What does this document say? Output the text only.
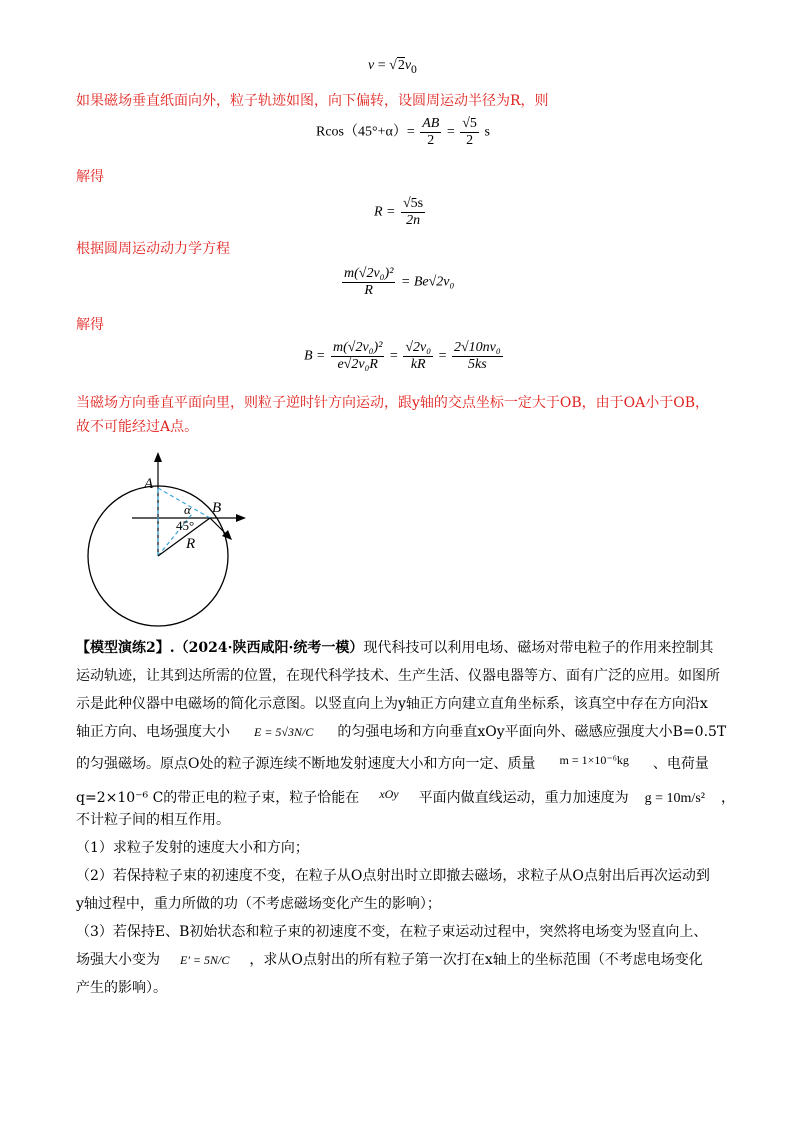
$v = √2v_0$
如果磁场垂直纸面向外，粒子轨迹如图，向下偏转，设圆周运动半径为R，则
$Rcos(45^\circ+\alpha)= \frac{AB}{2} = \frac{√5}{2}$ s
解得
$R = \frac{√5s}{2n}$
根据圆周运动动力学方程
$\frac{\text{m(√2v₀)²}}{R} = Be√2v_0$
解得
$B = \frac{\text{m(√2v₀)²}}{\text{e√2v₀R}} = \frac{\text{√2v₀}}{kR} = \frac{\text{2√10nv₀}}{5ks}$
当磁场方向垂直平面向里，则粒子逆时针方向运动，跟y轴的交点坐标一定大于OB，由于OA小于OB，
故不可能经过A点。
A
B
R
α
45°
【模型演练2】.（2024·陕西咸阳·统考一模）现代科技可以利用电场、磁场对带电粒子的作用来控制其
运动轨迹，让其到达所需的位置，在现代科学技术、生产生活、仪器电器等方、面有广泛的应用。如图所
示是此种仪器中电磁场的简化示意图。以竖直向上为y轴正方向建立直角坐标系，该真空中存在方向沿x
轴正方向、电场强度大小 E = 5√3N/C 的匀强电场和方向垂直xOy平面向外、磁感应强度大小B=0.5T
的匀强磁场。原点O处的粒子源连续不断地发射速度大小和方向一定、质量 m = 1×10⁻⁶kg 、电荷量
q=2×10⁻⁶ C的带正电的粒子束，粒子恰能在 xOy 平面内做直线运动，重力加速度为 g = 10m/s² ，
不计粒子间的相互作用。
（1）求粒子发射的速度大小和方向；
（2）若保持粒子束的初速度不变，在粒子从O点射出时立即撤去磁场，求粒子从O点射出后再次运动到
y轴过程中，重力所做的功（不考虑磁场变化产生的影响）；
（3）若保持E、B初始状态和粒子束的初速度不变，在粒子束运动过程中，突然将电场变为竖直向上、
场强大小变为 E' = 5N/C ，求从O点射出的所有粒子第一次打在x轴上的坐标范围（不考虑电场变化
产生的影响）。
